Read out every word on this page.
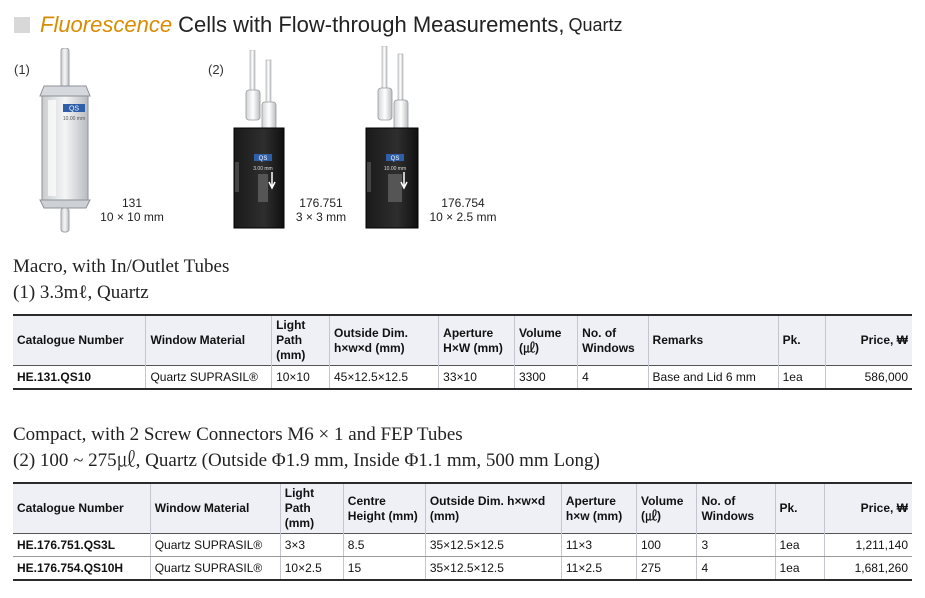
Fluorescence Cells with Flow-through Measurements, Quartz
(1)	(2)
QS
10.00 mm
131
10 × 10 mm
QS
3.00 mm
176.751
3 × 3 mm
QS
10.00 mm
176.754
10 × 2.5 mm
Macro, with In/Outlet Tubes
(1) 3.3mℓ, Quartz
Catalogue Number	Window Material	Light Path (mm)	Outside Dim. h×w×d (mm)	Aperture H×W (mm)	Volume (㎕)	No. of Windows	Remarks	Pk.	Price, ₩
HE.131.QS10	Quartz SUPRASIL®	10×10	45×12.5×12.5	33×10	3300	4	Base and Lid 6 mm	1ea	586,000
Compact, with 2 Screw Connectors M6 × 1 and FEP Tubes
(2) 100 ~ 275㎕, Quartz (Outside Φ1.9 mm, Inside Φ1.1 mm, 500 mm Long)
Catalogue Number	Window Material	Light Path (mm)	Centre Height (mm)	Outside Dim. h×w×d (mm)	Aperture h×w (mm)	Volume (㎕)	No. of Windows	Pk.	Price, ₩
HE.176.751.QS3L	Quartz SUPRASIL®	3×3	8.5	35×12.5×12.5	11×3	100	3	1ea	1,211,140
HE.176.754.QS10H	Quartz SUPRASIL®	10×2.5	15	35×12.5×12.5	11×2.5	275	4	1ea	1,681,260
